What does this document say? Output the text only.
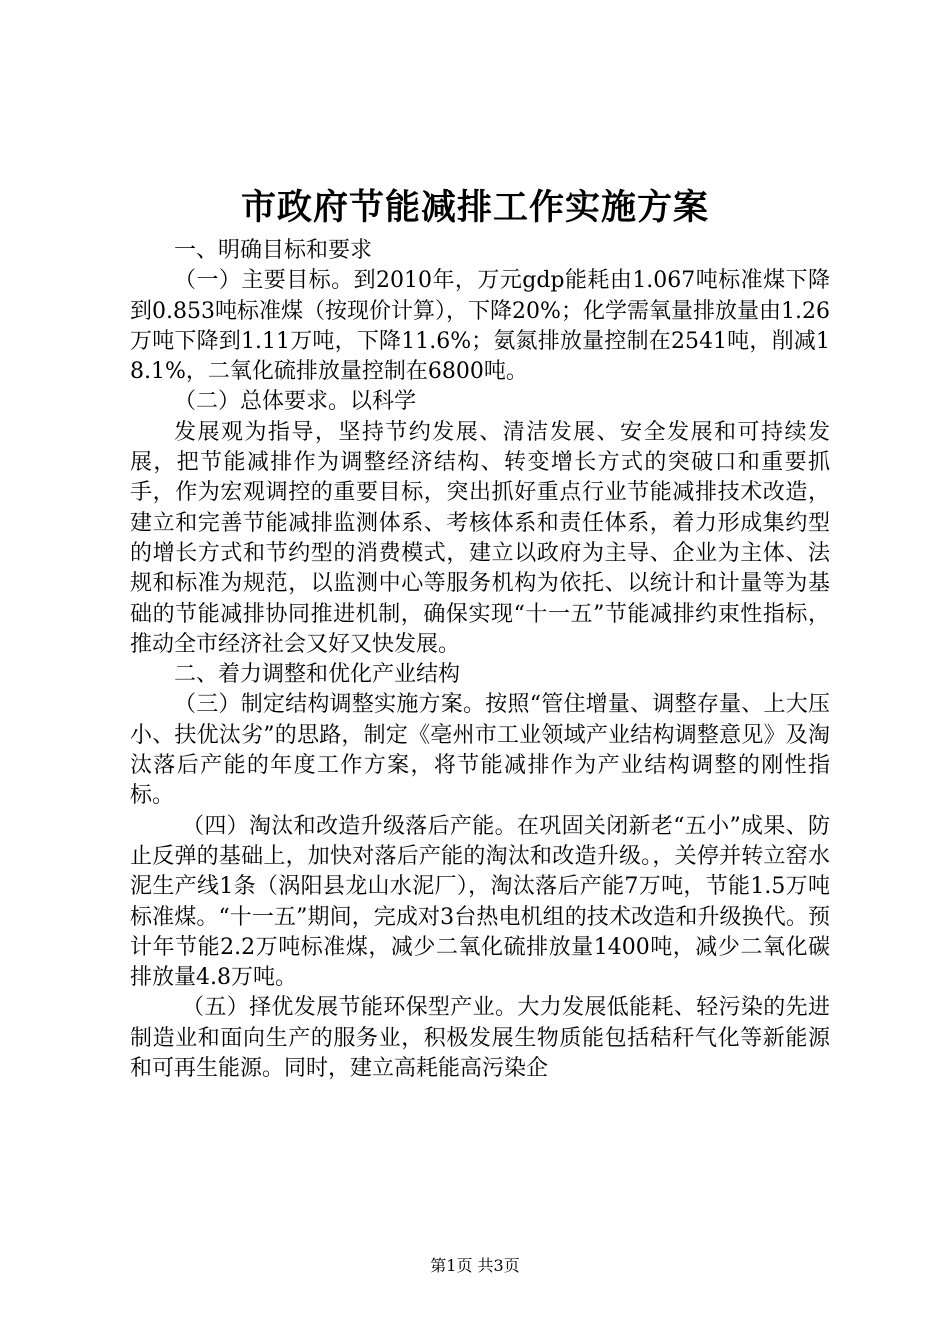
市政府节能减排工作实施方案

一、明确目标和要求

（一）主要目标。到2010年，万元gdp能耗由1.067吨标准煤下降到0.853吨标准煤（按现价计算），下降20%；化学需氧量排放量由1.26万吨下降到1.11万吨，下降11.6%；氨氮排放量控制在2541吨，削减18.1%，二氧化硫排放量控制在6800吨。

（二）总体要求。以科学

发展观为指导，坚持节约发展、清洁发展、安全发展和可持续发展，把节能减排作为调整经济结构、转变增长方式的突破口和重要抓手，作为宏观调控的重要目标，突出抓好重点行业节能减排技术改造，建立和完善节能减排监测体系、考核体系和责任体系，着力形成集约型的增长方式和节约型的消费模式，建立以政府为主导、企业为主体、法规和标准为规范，以监测中心等服务机构为依托、以统计和计量等为基础的节能减排协同推进机制，确保实现“十一五”节能减排约束性指标，推动全市经济社会又好又快发展。

二、着力调整和优化产业结构

（三）制定结构调整实施方案。按照“管住增量、调整存量、上大压小、扶优汰劣”的思路，制定《亳州市工业领域产业结构调整意见》及淘汰落后产能的年度工作方案，将节能减排作为产业结构调整的刚性指标。

（四）淘汰和改造升级落后产能。在巩固关闭新老“五小”成果、防止反弹的基础上，加快对落后产能的淘汰和改造升级。，关停并转立窑水泥生产线1条（涡阳县龙山水泥厂），淘汰落后产能7万吨，节能1.5万吨标准煤。“十一五”期间，完成对3台热电机组的技术改造和升级换代。预计年节能2.2万吨标准煤，减少二氧化硫排放量1400吨，减少二氧化碳排放量4.8万吨。

（五）择优发展节能环保型产业。大力发展低能耗、轻污染的先进制造业和面向生产的服务业，积极发展生物质能包括秸秆气化等新能源和可再生能源。同时，建立高耗能高污染企

第1页 共3页
